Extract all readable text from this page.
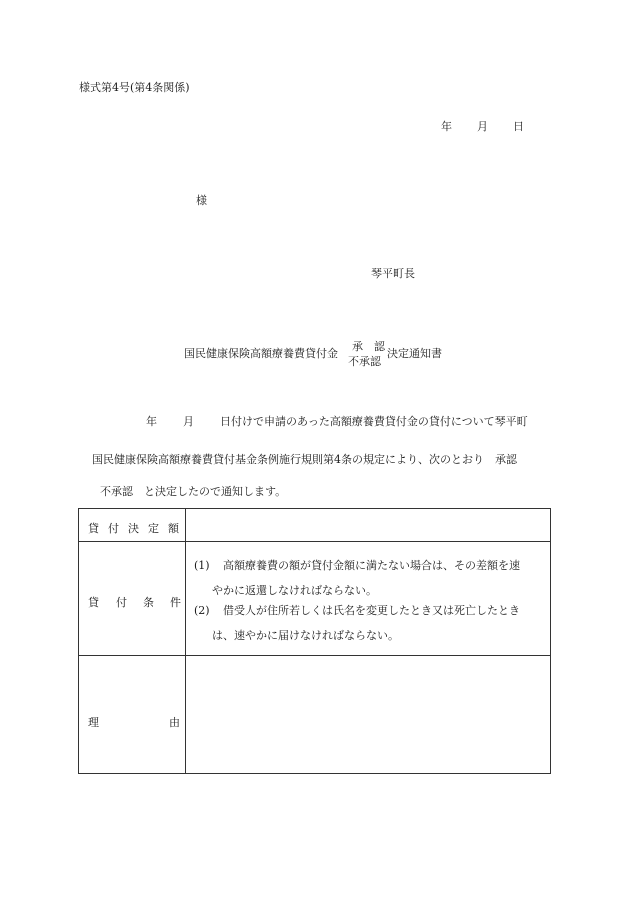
様式第4号(第4条関係)
年 月 日
様
琴平町長
国民健康保険高額療養費貸付金
承　認
不承認
決定通知書
年 月 日付けで申請のあった高額療養費貸付金の貸付について琴平町
国民健康保険高額療養費貸付基金条例施行規則第4条の規定により、次のとおり　承認
不承認　と決定したので通知します。
貸 付 決 定 額
貸 付 条 件
(1) 高額療養費の額が貸付金額に満たない場合は、その差額を速
やかに返還しなければならない。
(2) 借受人が住所若しくは氏名を変更したとき又は死亡したとき
は、速やかに届けなければならない。
理	由
